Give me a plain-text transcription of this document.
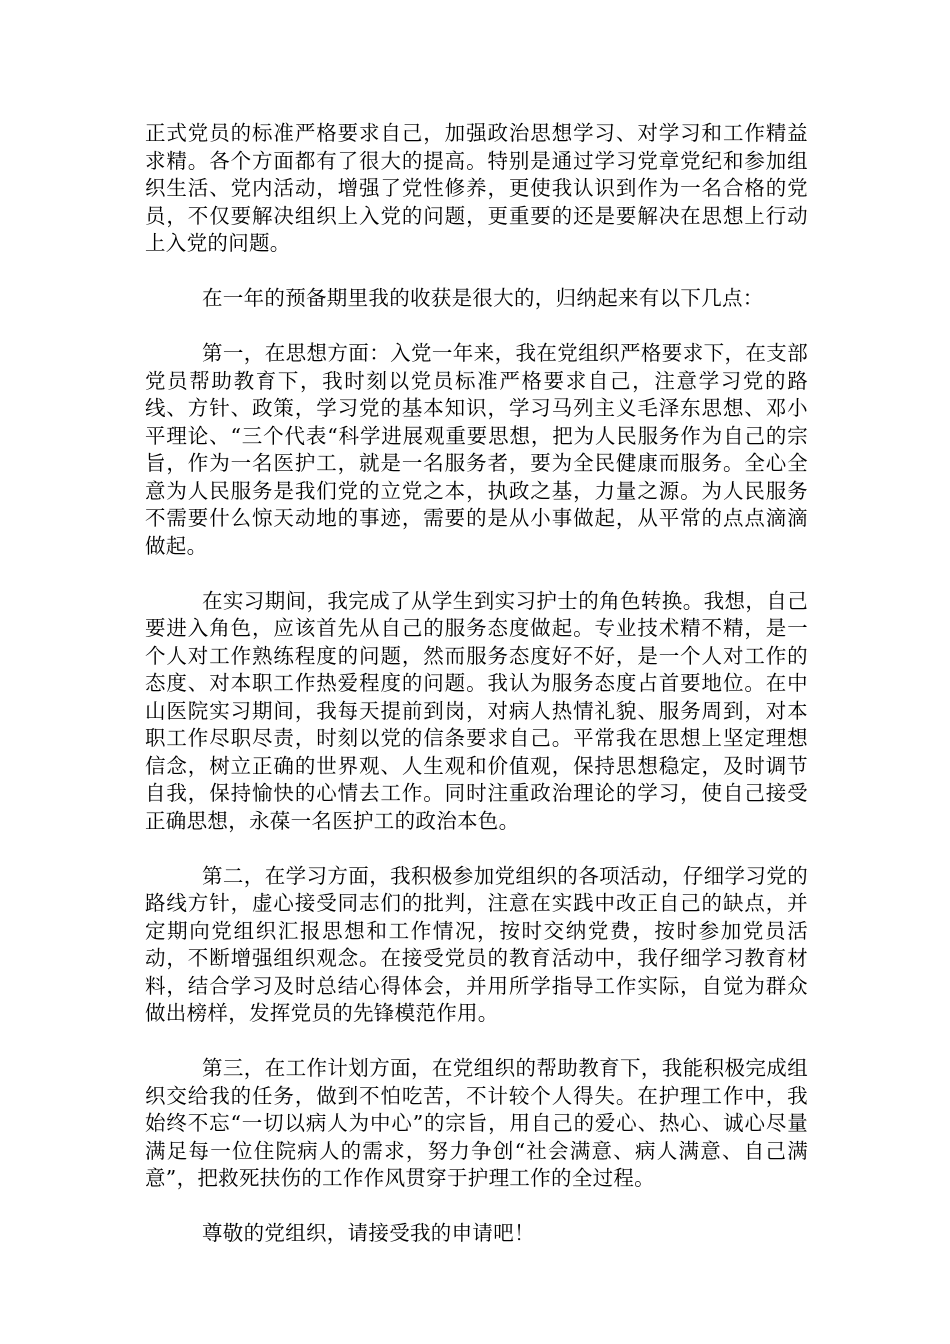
正式党员的标准严格要求自己，加强政治思想学习、对学习和工作精益求精。各个方面都有了很大的提高。特别是通过学习党章党纪和参加组织生活、党内活动，增强了党性修养，更使我认识到作为一名合格的党员，不仅要解决组织上入党的问题，更重要的还是要解决在思想上行动上入党的问题。

在一年的预备期里我的收获是很大的，归纳起来有以下几点：

第一，在思想方面：入党一年来，我在党组织严格要求下，在支部党员帮助教育下，我时刻以党员标准严格要求自己，注意学习党的路线、方针、政策，学习党的基本知识，学习马列主义毛泽东思想、邓小平理论、“三个代表“科学进展观重要思想，把为人民服务作为自己的宗旨，作为一名医护工，就是一名服务者，要为全民健康而服务。全心全意为人民服务是我们党的立党之本，执政之基，力量之源。为人民服务不需要什么惊天动地的事迹，需要的是从小事做起，从平常的点点滴滴做起。

在实习期间，我完成了从学生到实习护士的角色转换。我想，自己要进入角色，应该首先从自己的服务态度做起。专业技术精不精，是一个人对工作熟练程度的问题，然而服务态度好不好，是一个人对工作的态度、对本职工作热爱程度的问题。我认为服务态度占首要地位。在中山医院实习期间，我每天提前到岗，对病人热情礼貌、服务周到，对本职工作尽职尽责，时刻以党的信条要求自己。平常我在思想上坚定理想信念，树立正确的世界观、人生观和价值观，保持思想稳定，及时调节自我，保持愉快的心情去工作。同时注重政治理论的学习，使自己接受正确思想，永葆一名医护工的政治本色。

第二，在学习方面，我积极参加党组织的各项活动，仔细学习党的路线方针，虚心接受同志们的批判，注意在实践中改正自己的缺点，并定期向党组织汇报思想和工作情况，按时交纳党费，按时参加党员活动，不断增强组织观念。在接受党员的教育活动中，我仔细学习教育材料，结合学习及时总结心得体会，并用所学指导工作实际，自觉为群众做出榜样，发挥党员的先锋模范作用。

第三，在工作计划方面，在党组织的帮助教育下，我能积极完成组织交给我的任务，做到不怕吃苦，不计较个人得失。在护理工作中，我始终不忘“一切以病人为中心”的宗旨，用自己的爱心、热心、诚心尽量满足每一位住院病人的需求，努力争创“社会满意、病人满意、自己满意”，把救死扶伤的工作作风贯穿于护理工作的全过程。

尊敬的党组织，请接受我的申请吧！
